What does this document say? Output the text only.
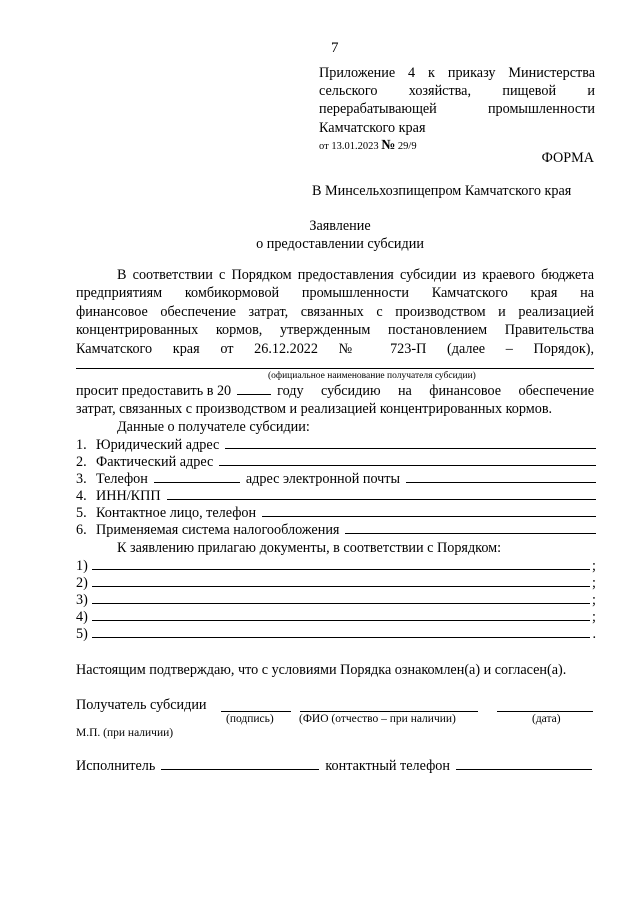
7
Приложение 4 к приказу Министерства
сельского хозяйства, пищевой и
перерабатывающей промышленности
Камчатского края
от 13.01.2023 № 29/9
ФОРМА
В Минсельхозпищепром Камчатского края
Заявление
о предоставлении субсидии
В соответствии с Порядком предоставления субсидии из краевого бюджета
предприятиям комбикормовой промышленности Камчатского края на
финансовое обеспечение затрат, связанных с производством и реализацией
концентрированных кормов, утвержденным постановлением Правительства
Камчатского края от 26.12.2022 № 723-П (далее – Порядок),
(официальное наименование получателя субсидии)
просит предоставить в 20	году субсидию на финансовое обеспечение
затрат, связанных с производством и реализацией концентрированных кормов.
Данные о получателе субсидии:
1. Юридический адрес
2. Фактический адрес
3. Телефон	адрес электронной почты
4. ИНН/КПП
5. Контактное лицо, телефон
6. Применяемая система налогообложения
К заявлению прилагаю документы, в соответствии с Порядком:
1)	;
2)	;
3)	;
4)	;
5)	.
Настоящим подтверждаю, что с условиями Порядка ознакомлен(а) и согласен(а).
Получатель субсидии
(подпись) (ФИО (отчество – при наличии)	(дата)
М.П. (при наличии)
Исполнитель	контактный телефон
